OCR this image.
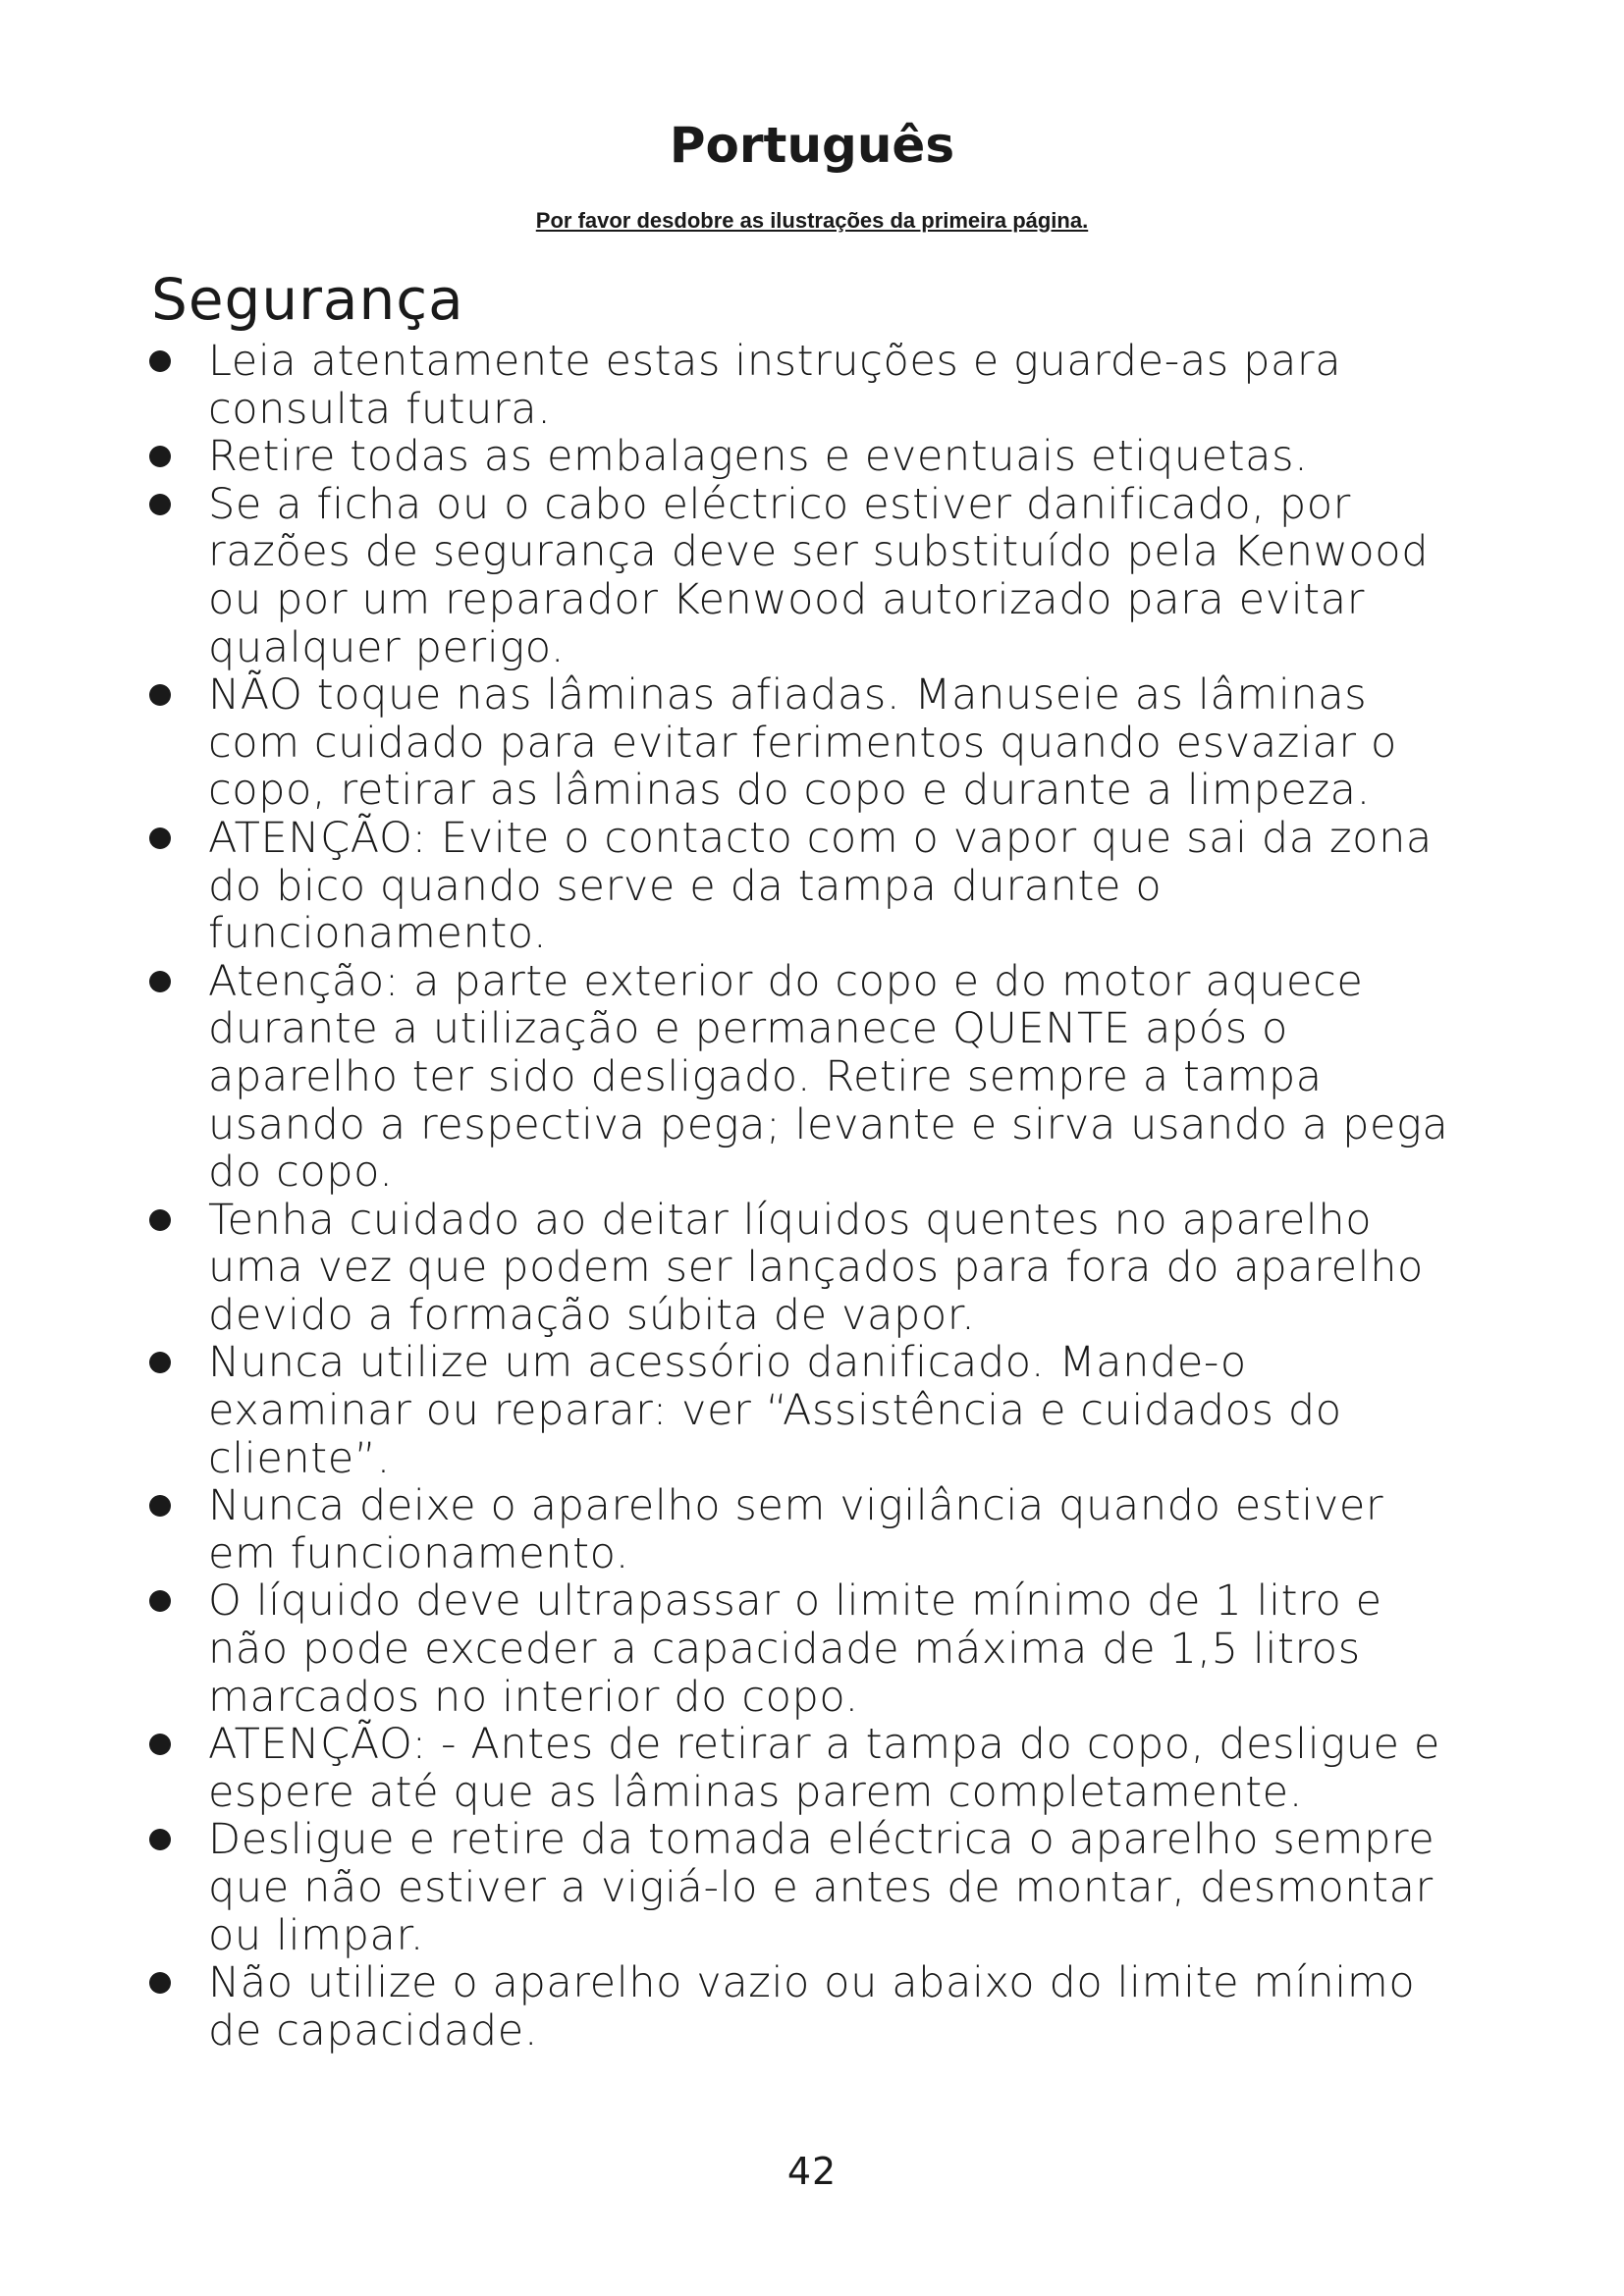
Português

Por favor desdobre as ilustrações da primeira página.

Segurança
Leia atentamente estas instruções e guarde-as para consulta futura.
Retire todas as embalagens e eventuais etiquetas.
Se a ficha ou o cabo eléctrico estiver danificado, por razões de segurança deve ser substituído pela Kenwood ou por um reparador Kenwood autorizado para evitar qualquer perigo.
NÃO toque nas lâminas afiadas. Manuseie as lâminas com cuidado para evitar ferimentos quando esvaziar o copo, retirar as lâminas do copo e durante a limpeza.
ATENÇÃO: Evite o contacto com o vapor que sai da zona do bico quando serve e da tampa durante o funcionamento.
Atenção: a parte exterior do copo e do motor aquece durante a utilização e permanece QUENTE após o aparelho ter sido desligado. Retire sempre a tampa usando a respectiva pega; levante e sirva usando a pega do copo.
Tenha cuidado ao deitar líquidos quentes no aparelho uma vez que podem ser lançados para fora do aparelho devido a formação súbita de vapor.
Nunca utilize um acessório danificado. Mande-o examinar ou reparar: ver “Assistência e cuidados do cliente”.
Nunca deixe o aparelho sem vigilância quando estiver em funcionamento.
O líquido deve ultrapassar o limite mínimo de 1 litro e não pode exceder a capacidade máxima de 1,5 litros marcados no interior do copo.
ATENÇÃO: - Antes de retirar a tampa do copo, desligue e espere até que as lâminas parem completamente.
Desligue e retire da tomada eléctrica o aparelho sempre que não estiver a vigiá-lo e antes de montar, desmontar ou limpar.
Não utilize o aparelho vazio ou abaixo do limite mínimo de capacidade.
42
